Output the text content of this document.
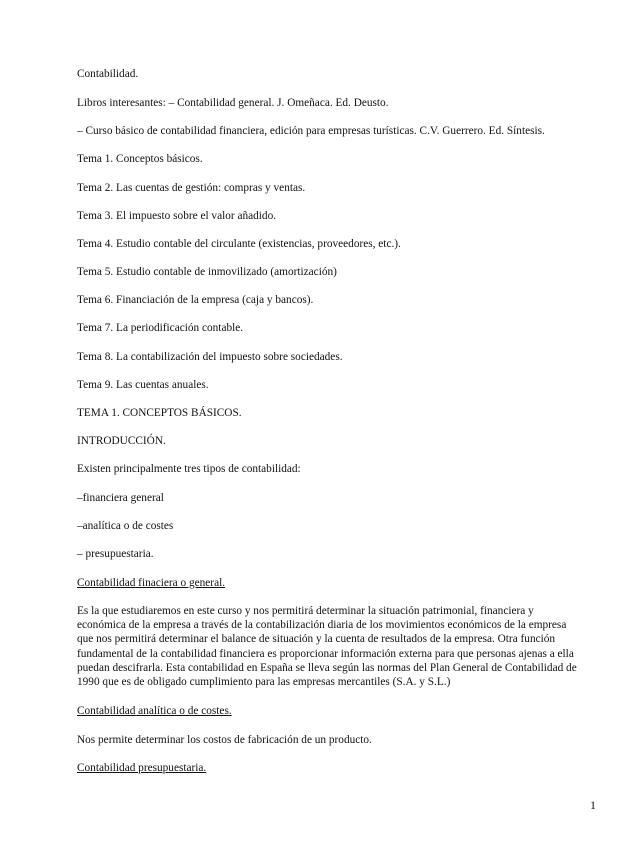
Contabilidad.
Libros interesantes: – Contabilidad general. J. Omeñaca. Ed. Deusto.
– Curso básico de contabilidad financiera, edición para empresas turísticas. C.V. Guerrero. Ed. Síntesis.
Tema 1. Conceptos básicos.
Tema 2. Las cuentas de gestión: compras y ventas.
Tema 3. El impuesto sobre el valor añadido.
Tema 4. Estudio contable del circulante (existencias, proveedores, etc.).
Tema 5. Estudio contable de inmovilizado (amortización)
Tema 6. Financiación de la empresa (caja y bancos).
Tema 7. La periodificación contable.
Tema 8. La contabilización del impuesto sobre sociedades.
Tema 9. Las cuentas anuales.
TEMA 1. CONCEPTOS BÁSICOS.
INTRODUCCIÓN.
Existen principalmente tres tipos de contabilidad:
–financiera general
–analítica o de costes
– presupuestaria.
Contabilidad finaciera o general.
Es la que estudiaremos en este curso y nos permitirá determinar la situación patrimonial, financiera y
económica de la empresa a través de la contabilización diaria de los movimientos económicos de la empresa
que nos permitirá determinar el balance de situación y la cuenta de resultados de la empresa. Otra función
fundamental de la contabilidad financiera es proporcionar información externa para que personas ajenas a ella
puedan descifrarla. Esta contabilidad en España se lleva según las normas del Plan General de Contabilidad de
1990 que es de obligado cumplimiento para las empresas mercantiles (S.A. y S.L.)
Contabilidad analítica o de costes.
Nos permite determinar los costos de fabricación de un producto.
Contabilidad presupuestaria.
1
